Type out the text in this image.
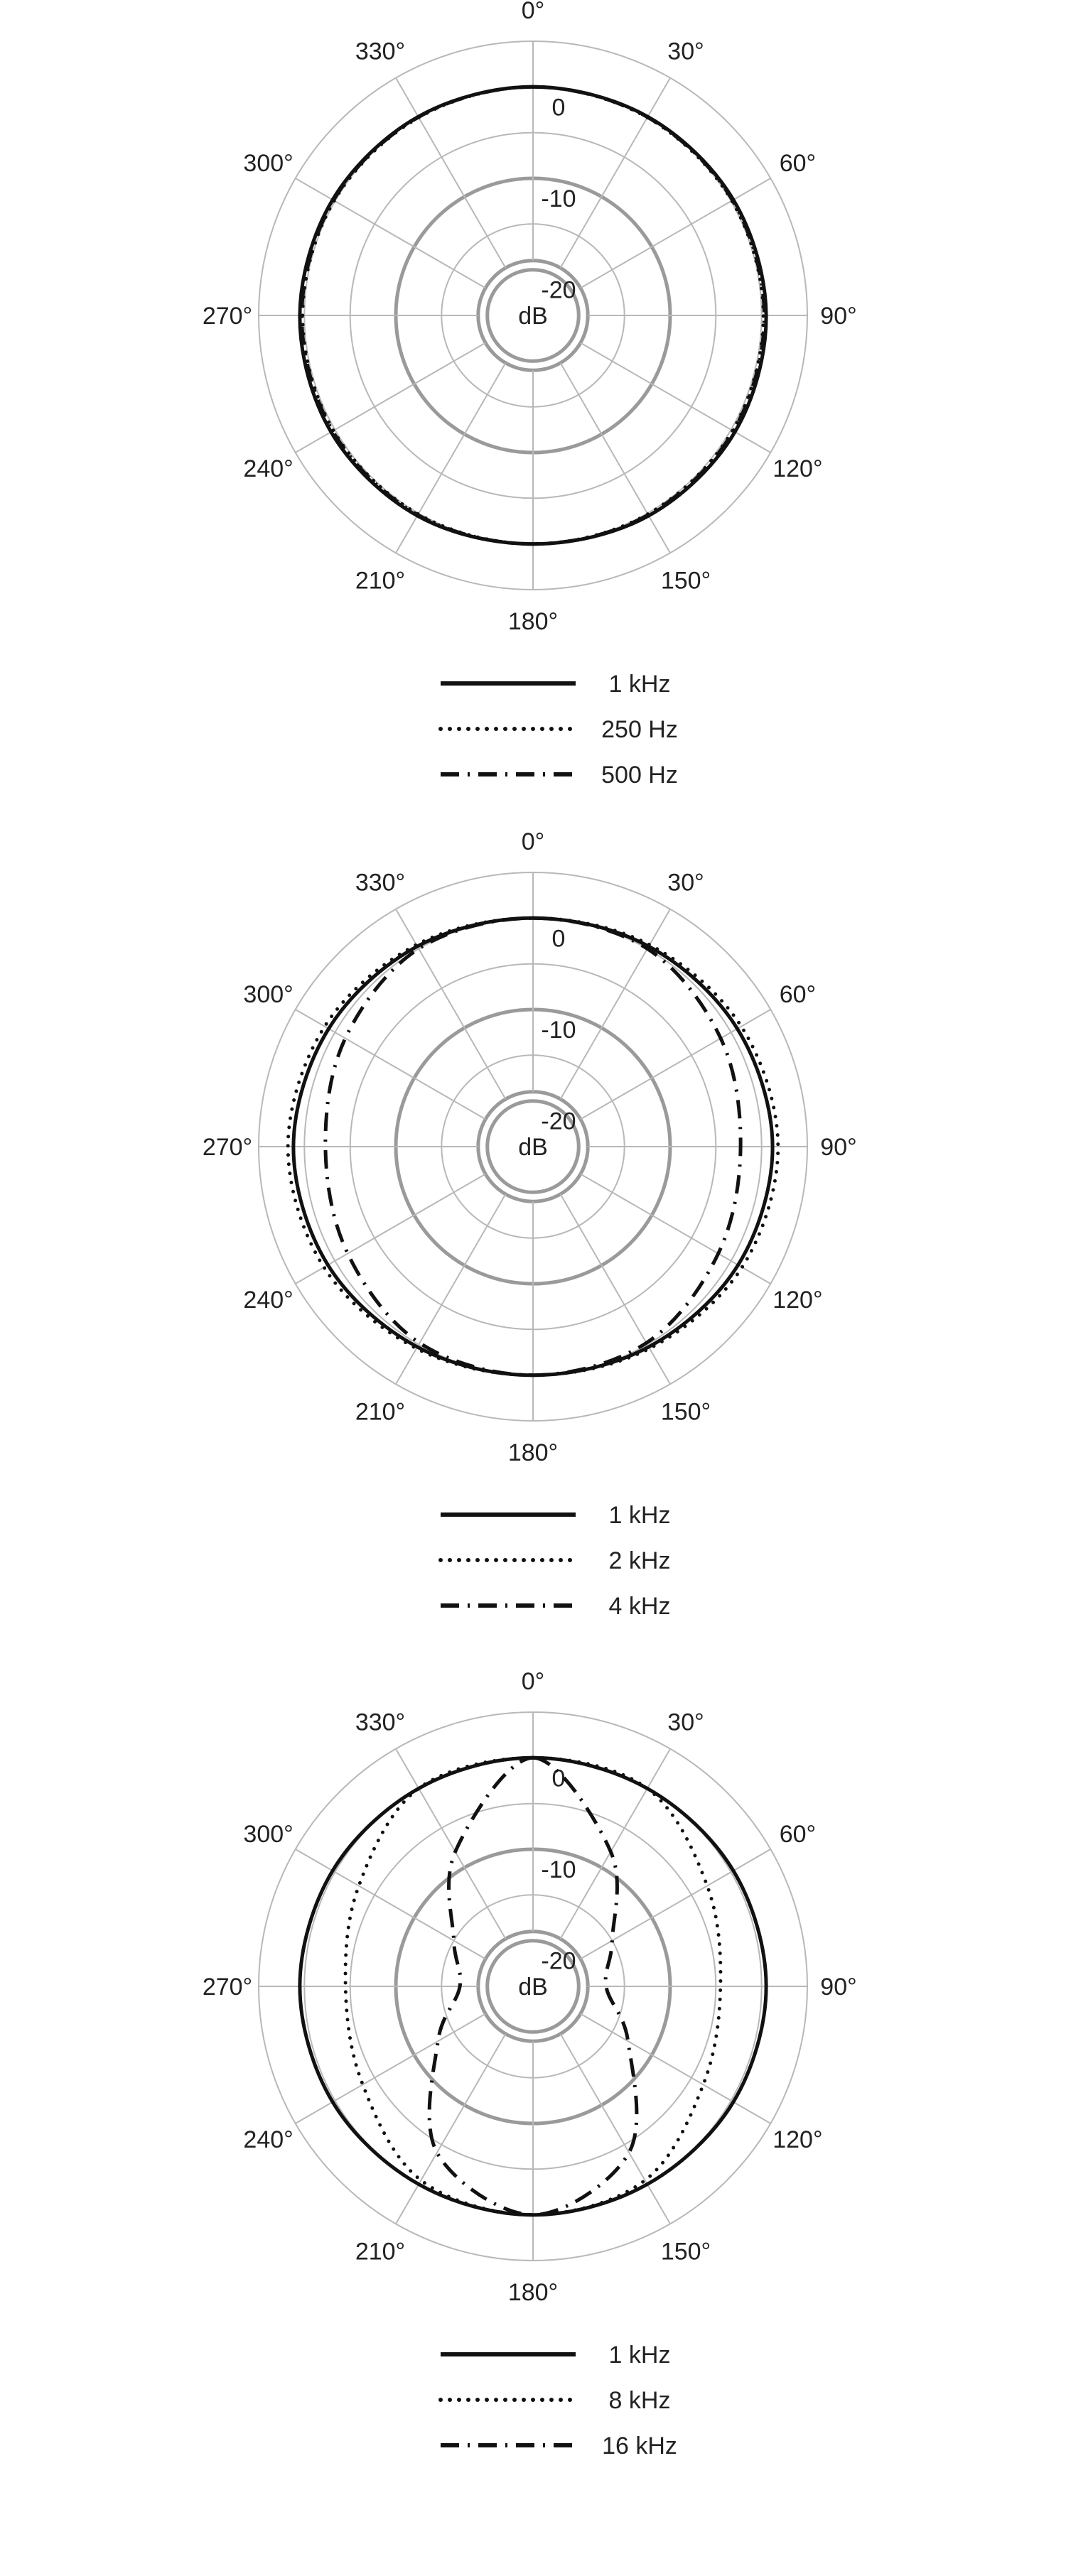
0°
30°
60°
90°
120°
150°
180°
210°
240°
270°
300°
330°
0
-10
-20
dB
1 kHz
250 Hz
500 Hz
0°
30°
60°
90°
120°
150°
180°
210°
240°
270°
300°
330°
0
-10
-20
dB
1 kHz
2 kHz
4 kHz
0°
30°
60°
90°
120°
150°
180°
210°
240°
270°
300°
330°
0
-10
-20
dB
1 kHz
8 kHz
16 kHz
